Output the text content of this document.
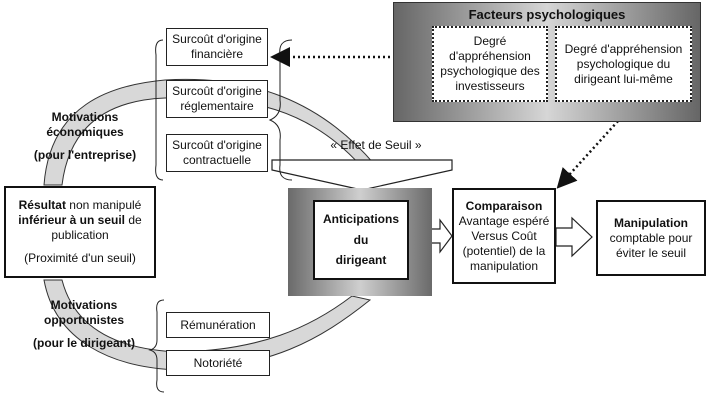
Facteurs psychologiques
Degré d'appréhension psychologique des investisseurs
Degré d'appréhension psychologique du dirigeant lui-même
Surcoût d'origine financière
Surcoût d'origine réglementaire
Surcoût d'origine contractuelle
« Effet de Seuil »
Motivations
économiques
(pour l'entreprise)
Motivations
opportunistes
(pour le dirigeant)
Résultat non manipulé
inférieur à un seuil de
publication
(Proximité d'un seuil)
Rémunération
Notoriété
Anticipations
du
dirigeant
Comparaison
Avantage espéré Versus Coût (potentiel) de la manipulation
Manipulation
comptable pour éviter le seuil
